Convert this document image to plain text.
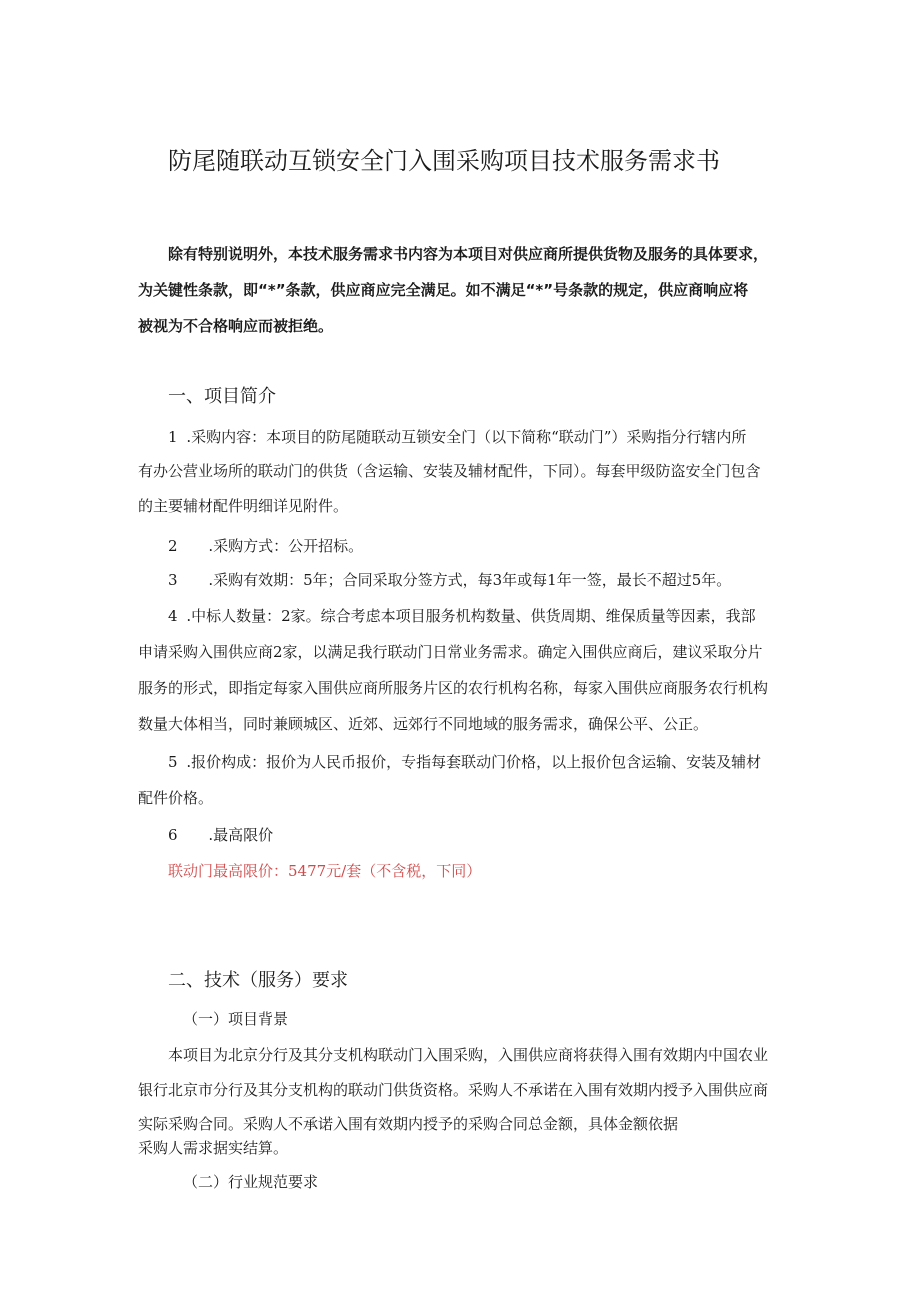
防尾随联动互锁安全门入围采购项目技术服务需求书
除有特别说明外，本技术服务需求书内容为本项目对供应商所提供货物及服务的具体要求，
为关键性条款，即“*”条款，供应商应完全满足。如不满足“*”号条款的规定，供应商响应将
被视为不合格响应而被拒绝。
一、项目简介
1 .采购内容：本项目的防尾随联动互锁安全门（以下简称“联动门”）采购指分行辖内所
有办公营业场所的联动门的供货（含运输、安装及辅材配件，下同）。每套甲级防盗安全门包含
的主要辅材配件明细详见附件。
2 .采购方式：公开招标。
3 .采购有效期：5年；合同采取分签方式，每3年或每1年一签，最长不超过5年。
4 .中标人数量：2家。综合考虑本项目服务机构数量、供货周期、维保质量等因素，我部
申请采购入围供应商2家，以满足我行联动门日常业务需求。确定入围供应商后，建议采取分片
服务的形式，即指定每家入围供应商所服务片区的农行机构名称，每家入围供应商服务农行机构
数量大体相当，同时兼顾城区、近郊、远郊行不同地域的服务需求，确保公平、公正。
5 .报价构成：报价为人民币报价，专指每套联动门价格，以上报价包含运输、安装及辅材
配件价格。
6 .最高限价
联动门最高限价：5477元/套（不含税，下同）
二、技术（服务）要求
（一）项目背景
本项目为北京分行及其分支机构联动门入围采购，入围供应商将获得入围有效期内中国农业
银行北京市分行及其分支机构的联动门供货资格。采购人不承诺在入围有效期内授予入围供应商
实际采购合同。采购人不承诺入围有效期内授予的采购合同总金额，具体金额依据
采购人需求据实结算。
（二）行业规范要求
